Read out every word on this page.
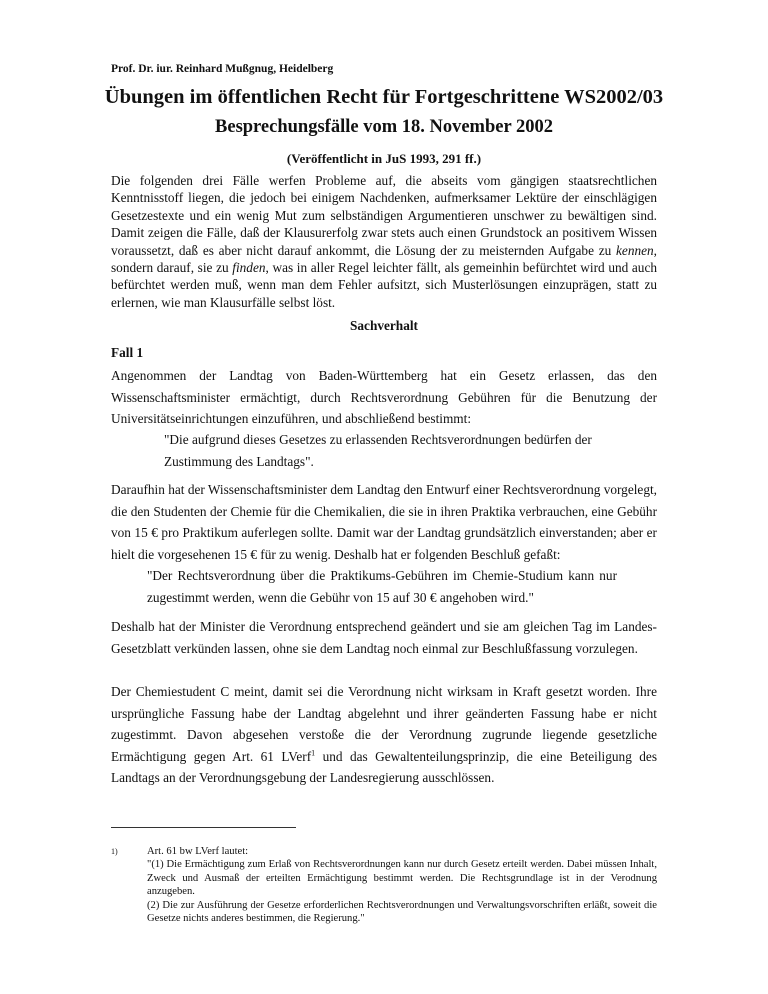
Prof. Dr. iur. Reinhard Mußgnug, Heidelberg
Übungen im öffentlichen Recht für Fortgeschrittene WS2002/03
Besprechungsfälle vom 18. November 2002
(Veröffentlicht in JuS 1993, 291 ff.)
Die folgenden drei Fälle werfen Probleme auf, die abseits vom gängigen staatsrechtlichen Kenntnisstoff liegen, die jedoch bei einigem Nachdenken, aufmerksamer Lektüre der einschlägigen Gesetzestexte und ein wenig Mut zum selbständigen Argumentieren unschwer zu bewältigen sind. Damit zeigen die Fälle, daß der Klausurerfolg zwar stets auch einen Grundstock an positivem Wissen voraussetzt, daß es aber nicht darauf ankommt, die Lösung der zu meisternden Aufgabe zu kennen, sondern darauf, sie zu finden, was in aller Regel leichter fällt, als gemeinhin befürchtet wird und auch befürchtet werden muß, wenn man dem Fehler aufsitzt, sich Musterlösungen einzuprägen, statt zu erlernen, wie man Klausurfälle selbst löst.
Sachverhalt
Fall 1
Angenommen der Landtag von Baden-Württemberg hat ein Gesetz erlassen, das den Wissenschaftsminister ermächtigt, durch Rechtsverordnung Gebühren für die Benutzung der Universitätseinrichtungen einzuführen, und abschließend bestimmt:
"Die aufgrund dieses Gesetzes zu erlassenden Rechtsverordnungen bedürfen der Zustimmung des Landtags".
Daraufhin hat der Wissenschaftsminister dem Landtag den Entwurf einer Rechtsverordnung vorgelegt, die den Studenten der Chemie für die Chemikalien, die sie in ihren Praktika verbrauchen, eine Gebühr von 15 € pro Praktikum auferlegen sollte. Damit war der Landtag grundsätzlich einverstanden; aber er hielt die vorgesehenen 15 € für zu wenig. Deshalb hat er folgenden Beschluß gefaßt:
"Der Rechtsverordnung über die Praktikums-Gebühren im Chemie-Studium kann nur zugestimmt werden, wenn die Gebühr von 15 auf 30 € angehoben wird."
Deshalb hat der Minister die Verordnung entsprechend geändert und sie am gleichen Tag im Landes-Gesetzblatt verkünden lassen, ohne sie dem Landtag noch einmal zur Beschlußfassung vorzulegen.
Der Chemiestudent C meint, damit sei die Verordnung nicht wirksam in Kraft gesetzt worden. Ihre ursprüngliche Fassung habe der Landtag abgelehnt und ihrer geänderten Fassung habe er nicht zugestimmt. Davon abgesehen verstoße die der Verordnung zugrunde liegende gesetzliche Ermächtigung gegen Art. 61 LVerf$^1$ und das Gewaltenteilungsprinzip, die eine Beteiligung des Landtags an der Verordnungsgebung der Landesregierung ausschlössen.
1)	Art. 61 bw LVerf lautet:
"(1) Die Ermächtigung zum Erlaß von Rechtsverordnungen kann nur durch Gesetz erteilt werden. Dabei müssen Inhalt, Zweck und Ausmaß der erteilten Ermächtigung bestimmt werden. Die Rechtsgrundlage ist in der Verodnung anzugeben.
(2) Die zur Ausführung der Gesetze erforderlichen Rechtsverordnungen und Verwaltungsvorschriften erläßt, soweit die Gesetze nichts anderes bestimmen, die Regierung."
